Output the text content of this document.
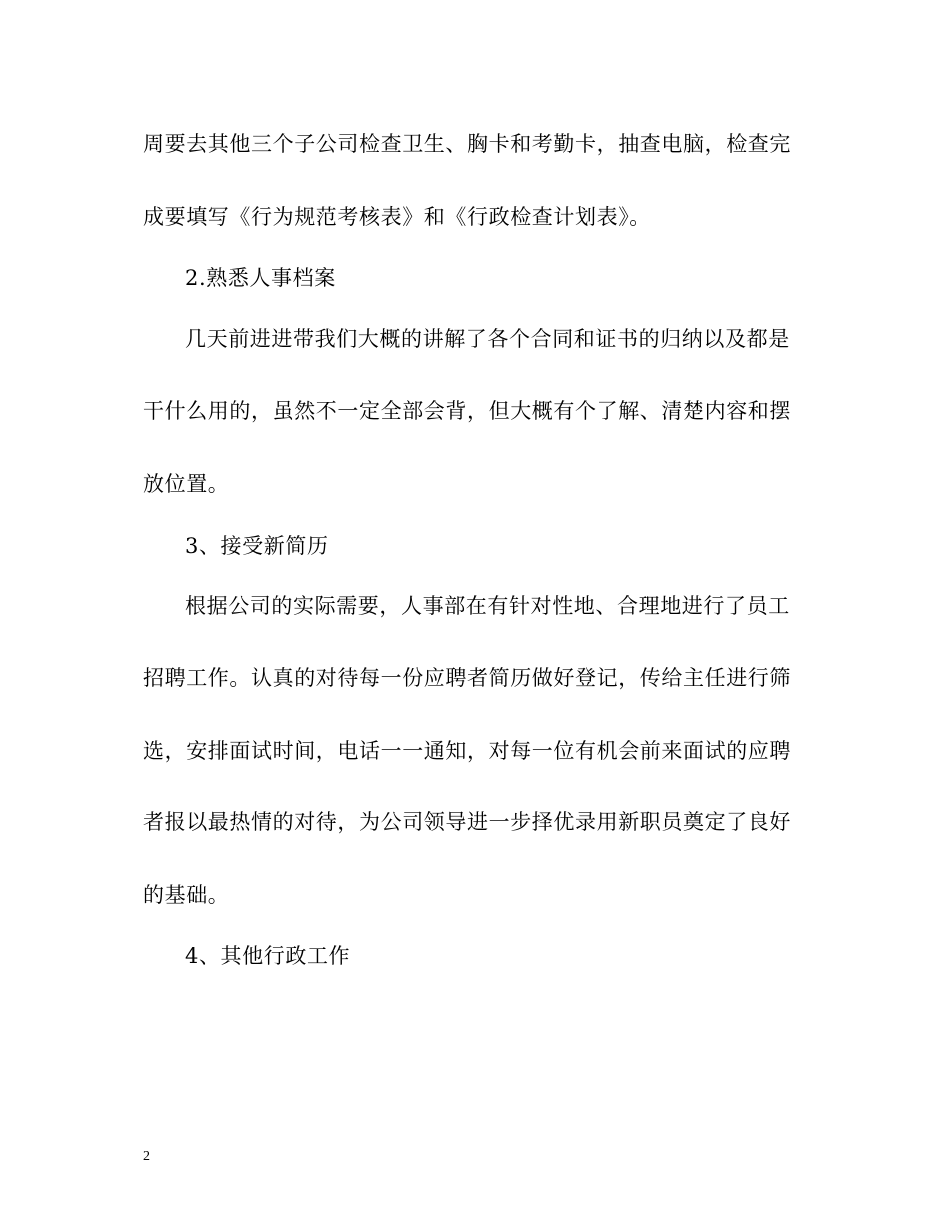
周要去其他三个子公司检查卫生、胸卡和考勤卡，抽查电脑，检查完
成要填写《行为规范考核表》和《行政检查计划表》。
2.熟悉人事档案
几天前进进带我们大概的讲解了各个合同和证书的归纳以及都是
干什么用的，虽然不一定全部会背，但大概有个了解、清楚内容和摆
放位置。
3、接受新简历
根据公司的实际需要，人事部在有针对性地、合理地进行了员工
招聘工作。认真的对待每一份应聘者简历做好登记，传给主任进行筛
选，安排面试时间，电话一一通知，对每一位有机会前来面试的应聘
者报以最热情的对待，为公司领导进一步择优录用新职员奠定了良好
的基础。
4、其他行政工作
2
